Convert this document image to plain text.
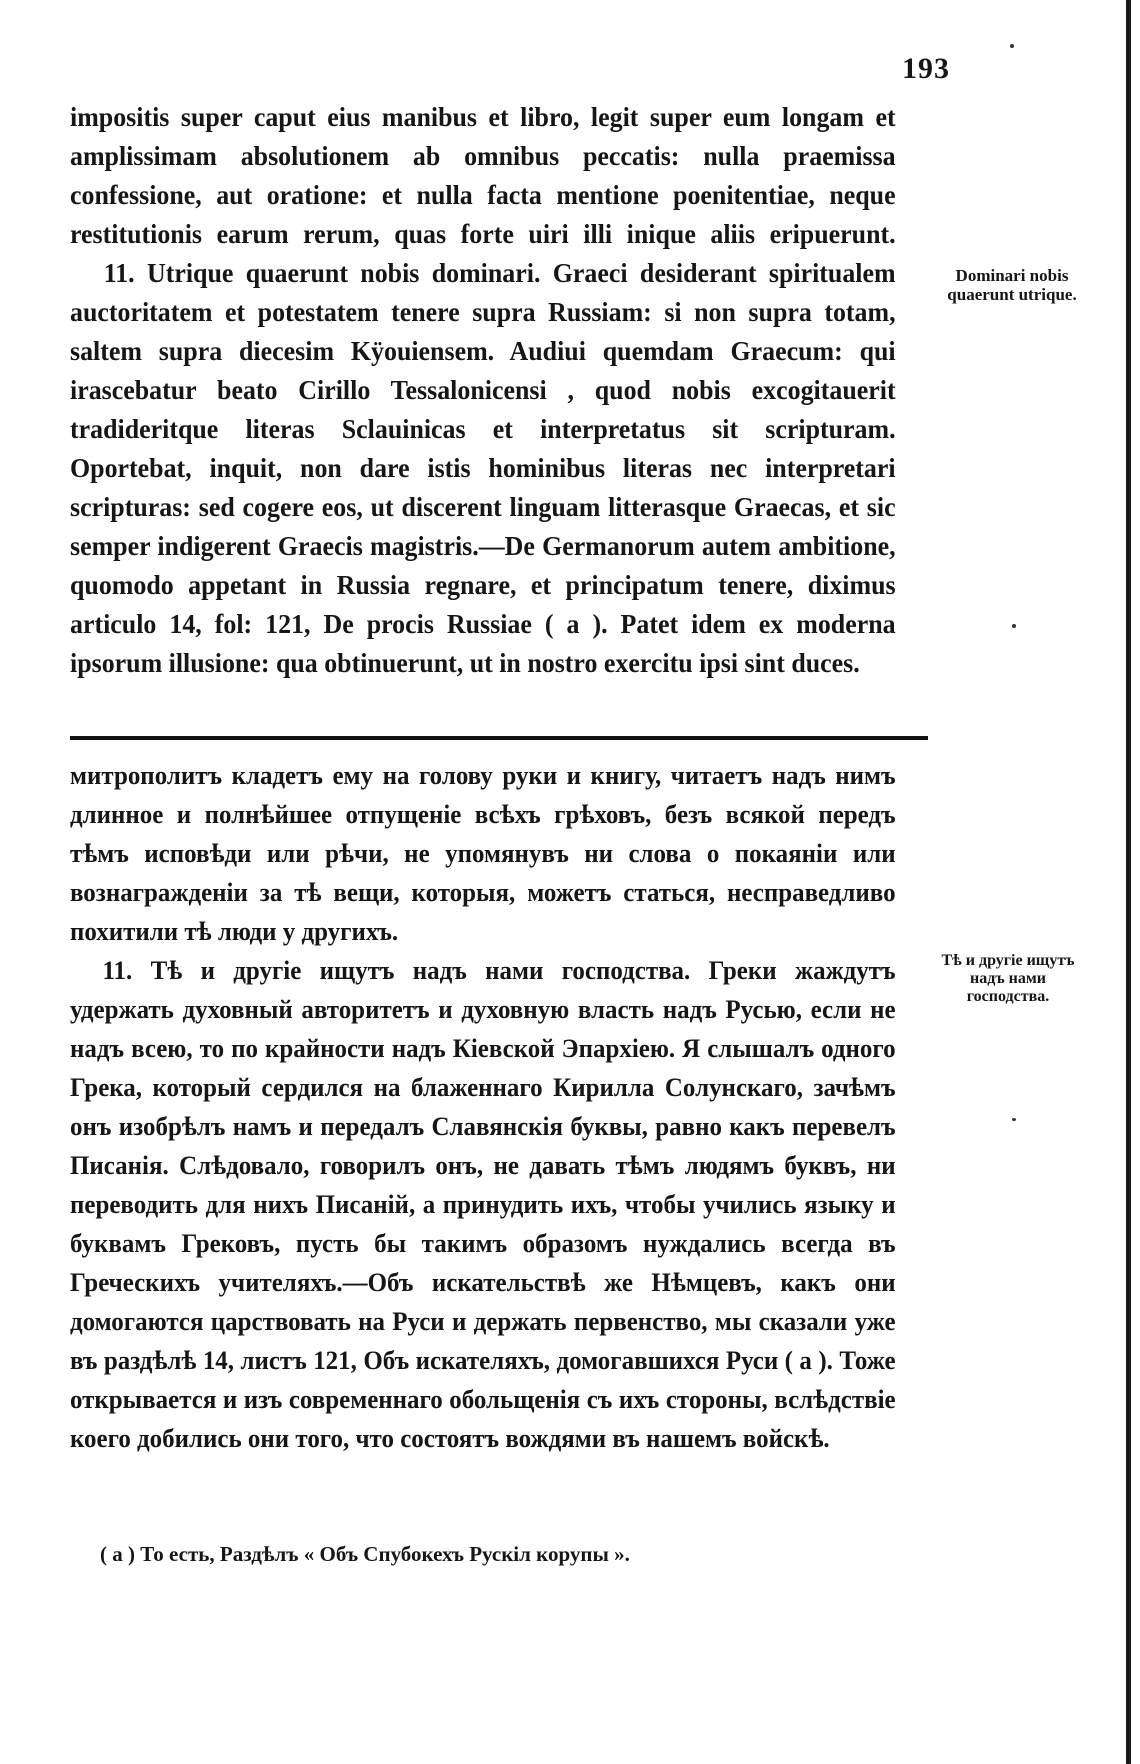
193

impositis super caput eius manibus et libro, legit super eum longam et amplissimam absolutionem ab omnibus peccatis: nulla praemissa confessione, aut oratione: et nulla facta mentione poenitentiae, neque restitutionis earum rerum, quas forte uiri illi inique aliis eripuerunt.

11. Utrique quaerunt nobis dominari. Graeci desiderant spiritualem auctoritatem et potestatem tenere supra Russiam: si non supra totam, saltem supra diecesim Kÿouiensem. Audiui quemdam Graecum: qui irascebatur beato Cirillo Tessalonicensi , quod nobis excogitauerit tradideritque literas Sclauinicas et interpretatus sit scripturam. Oportebat, inquit, non dare istis hominibus literas nec interpretari scripturas: sed cogere eos, ut discerent linguam litterasque Graecas, et sic semper indigerent Graecis magistris.—De Germanorum autem ambitione, quomodo appetant in Russia regnare, et principatum tenere, diximus articulo 14, fol: 121, De procis Russiae ( a ). Patet idem ex moderna ipsorum illusione: qua obtinuerunt, ut in nostro exercitu ipsi sint duces.

Dominari nobis quaerunt utrique.

митрополитъ кладетъ ему на голову руки и книгу, читаетъ надъ нимъ длинное и полнѣйшее отпущеніе всѣхъ грѣховъ, безъ всякой передъ тѣмъ исповѣди или рѣчи, не упомянувъ ни слова о покаяніи или вознагражденіи за тѣ вещи, которыя, можетъ статься, несправедливо похитили тѣ люди у другихъ.

11. Тѣ и другіе ищутъ надъ нами господства. Греки жаждутъ удержать духовный авторитетъ и духовную власть надъ Русью, если не надъ всею, то по крайности надъ Кіевской Эпархіею. Я слышалъ одного Грека, который сердился на блаженнаго Кирилла Солунскаго, зачѣмъ онъ изобрѣлъ намъ и передалъ Славянскія буквы, равно какъ перевелъ Писанія. Слѣдовало, говорилъ онъ, не давать тѣмъ людямъ буквъ, ни переводить для нихъ Писаній, а принудить ихъ, чтобы учились языку и буквамъ Грековъ, пусть бы такимъ образомъ нуждались всегда въ Греческихъ учителяхъ.—Объ искательствѣ же Нѣмцевъ, какъ они домогаются царствовать на Руси и держать первенство, мы сказали уже въ раздѣлѣ 14, листъ 121, Объ искателяхъ, домогавшихся Руси ( а ). Тоже открывается и изъ современнаго обольщенія съ ихъ стороны, вслѣдствіе коего добились они того, что состоятъ вождями въ нашемъ войскѣ.

Тѣ и другіе ищутъ надъ нами господства.
( а ) То есть, Раздѣлъ « Объ Спубокехъ Рускіл корупы ».
